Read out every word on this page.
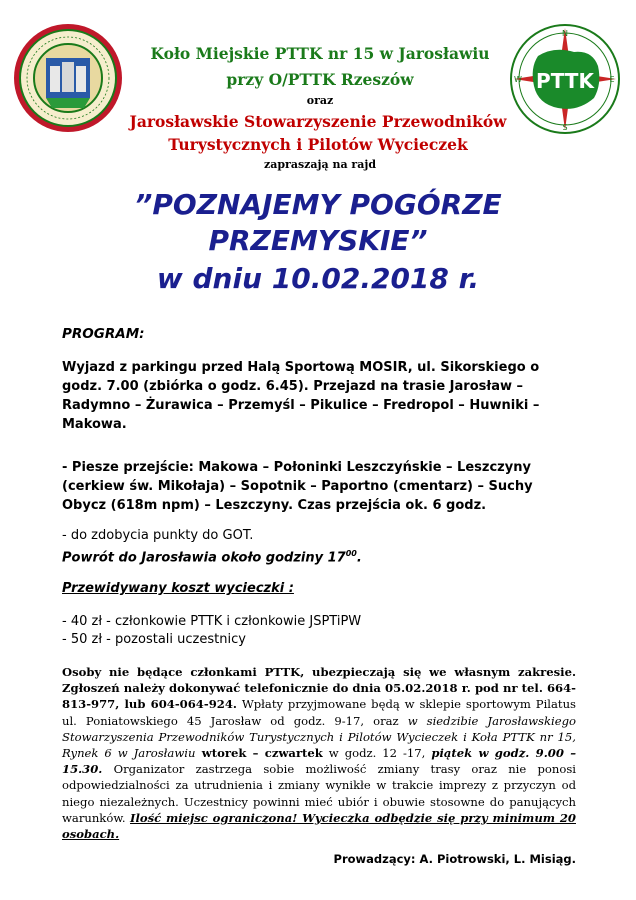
PTTK
N
S
E
W
Koło Miejskie PTTK nr 15 w Jarosławiu
przy O/PTTK Rzeszów
oraz
Jarosławskie Stowarzyszenie Przewodników
Turystycznych i Pilotów Wycieczek
zapraszają na rajd
”POZNAJEMY POGÓRZE
PRZEMYSKIE”
w dniu 10.02.2018 r.
PROGRAM:
Wyjazd z parkingu przed Halą Sportową MOSIR, ul. Sikorskiego o godz. 7.00 (zbiórka o godz. 6.45). Przejazd na trasie Jarosław – Radymno – Żurawica – Przemyśl – Pikulice – Fredropol – Huwniki – Makowa.
- Piesze przejście: Makowa – Połoninki Leszczyńskie – Leszczyny (cerkiew św. Mikołaja) – Sopotnik – Paportno (cmentarz) – Suchy Obycz (618m npm) – Leszczyny. Czas przejścia ok. 6 godz.
- do zdobycia punkty do GOT.
Powrót do Jarosławia około godziny $17^{00}$.
Przewidywany koszt wycieczki :
- 40 zł - członkowie PTTK i członkowie JSPTiPW
- 50 zł - pozostali uczestnicy
Osoby nie będące członkami PTTK, ubezpieczają się we własnym zakresie. Zgłoszeń należy dokonywać telefonicznie do dnia 05.02.2018 r. pod nr tel. 664-813-977, lub 604-064-924. Wpłaty przyjmowane będą w sklepie sportowym Pilatus ul. Poniatowskiego 45 Jarosław od godz. 9-17, oraz w siedzibie Jarosławskiego Stowarzyszenia Przewodników Turystycznych i Pilotów Wycieczek i Koła PTTK nr 15, Rynek 6 w Jarosławiu wtorek – czwartek w godz. 12 -17, piątek w godz. 9.00 – 15.30. Organizator zastrzega sobie możliwość zmiany trasy oraz nie ponosi odpowiedzialności za utrudnienia i zmiany wynikłe w trakcie imprezy z przyczyn od niego niezależnych. Uczestnicy powinni mieć ubiór i obuwie stosowne do panujących warunków. Ilość miejsc ograniczona! Wycieczka odbędzie się przy minimum 20 osobach.
Prowadzący: A. Piotrowski, L. Misiąg.
